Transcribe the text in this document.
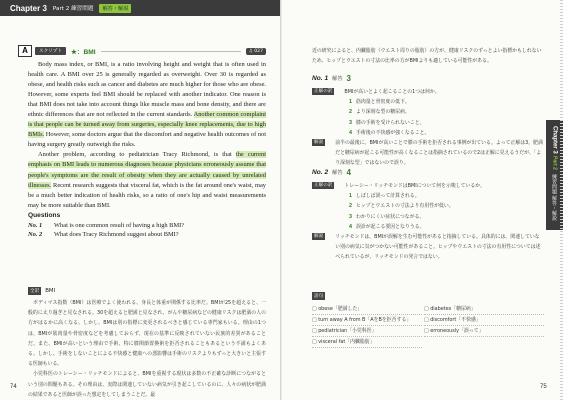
Chapter 3 Part 2 練習問題	解答・解説
A	スクリプト	★：BMI	♫ 027

Body mass index, or BMI, is a ratio involving height and weight that is often used in health care. A BMI over 25 is generally regarded as overweight. Over 30 is regarded as obese, and health risks such as cancer and diabetes are much higher for those who are obese. However, some experts feel BMI should be replaced with another indicator. One reason is that BMI does not take into account things like muscle mass and bone density, and there are ethnic differences that are not reflected in the current standards. Another common complaint is that people can be turned away from surgeries, especially knee replacements, due to high BMIs. However, some doctors argue that the discomfort and negative health outcomes of not having surgery greatly outweigh the risks.

Another problem, according to pediatrician Tracy Richmond, is that the current emphasis on BMI leads to numerous diagnoses because physicians erroneously assume that people's symptoms are the result of obesity when they are actually caused by unrelated illnesses. Recent research suggests that visceral fat, which is the fat around one's waist, may be a much better indication of health risks, so a ratio of one's hip and waist measurements may be more suitable than BMI.

Questions
No. 1	What is one common result of having a high BMI?
No. 2	What does Tracy Richmond suggest about BMI?
全訳	BMI

ボディマス指数（BMI）は医療でよく使われる、身長と体重が関係する比率だ。BMIが25を超えると、一般的に太り過ぎと見なされる。30を超えると肥満と見なされ、がんや糖尿病などの健康リスクは肥満の人の方がはるかに高くなる。しかし、BMIは別の指標に変更されるべきと感じている専門家もいる。理由の1つは、BMIが筋肉量や骨密度などを考慮しておらず、現在の基準に反映されていない民族的差異があることだ。また、BMIが高いという理由で手術、特に膝関節置換術を拒否されることもあるという不満もよくある。しかし、手術をしないことによる不快感と健康への悪影響は手術のリスクよりもずっと大きいと主張する医師もいる。

小児科医のトレーシー・リッチモンドによると、BMIを重視する現状は多数の不正確な診断につながるという別の問題もある。その理由は、実際は関連していない病気が引き起こしているのに、人々の病状が肥満の結果であると医師が誤った想定をしてしまうことだ。最

74
近の研究によると、内臓脂肪（ウエスト周りの脂肪）の方が、健康リスクのずっとよい指標かもしれないため、ヒップとウエストの寸法の比率の方がBMIよりも適している可能性がある。
No. 1 解答 3
正解の訳	BMIが高いとよく起こることの1つは何か。
1 筋肉量と骨密度の低下。
2 より深刻な型の糖尿病。
3 膝の手術を受けられないこと。
4 手術後の不快感が強くなること。
解説	前半の最後に、BMIが高いことで膝の手術を拒否される事例が出ている。よって正解は3。肥満だと糖尿病が起こる可能性が高くなることは指摘されているので2は正解に見えるうだが、「より深刻な型」ではないので誤り。
No. 2 解答 4
正解の訳	トレーシー・リッチモンドはBMIについて何を示唆しているか。
1 しばしば誤って計算される。
2 ヒップとウエストの寸法より有用性が低い。
3 わかりにくい症状につながる。
4 誤診が起こる要因となりうる。
解説	リッチモンドは、BMIが誤解を生む可能性があると指摘している。具体的には、関連していない別の病気に気がつかない可能性があること。ヒップやウエストの寸法の有用性については述べられているが、リッチモンドの発言ではない。
語句
□ obese「肥満した」	□ diabetes「糖尿病」
□ turn away A from B「AをBを拒否する」	□ discomfort「不快感」
□ pediatrician「小児科医」	□ erroneously「誤って」
□ visceral fat「内臓脂肪」
Chapter 3
Part 2
練習問題 解答・解説
75
